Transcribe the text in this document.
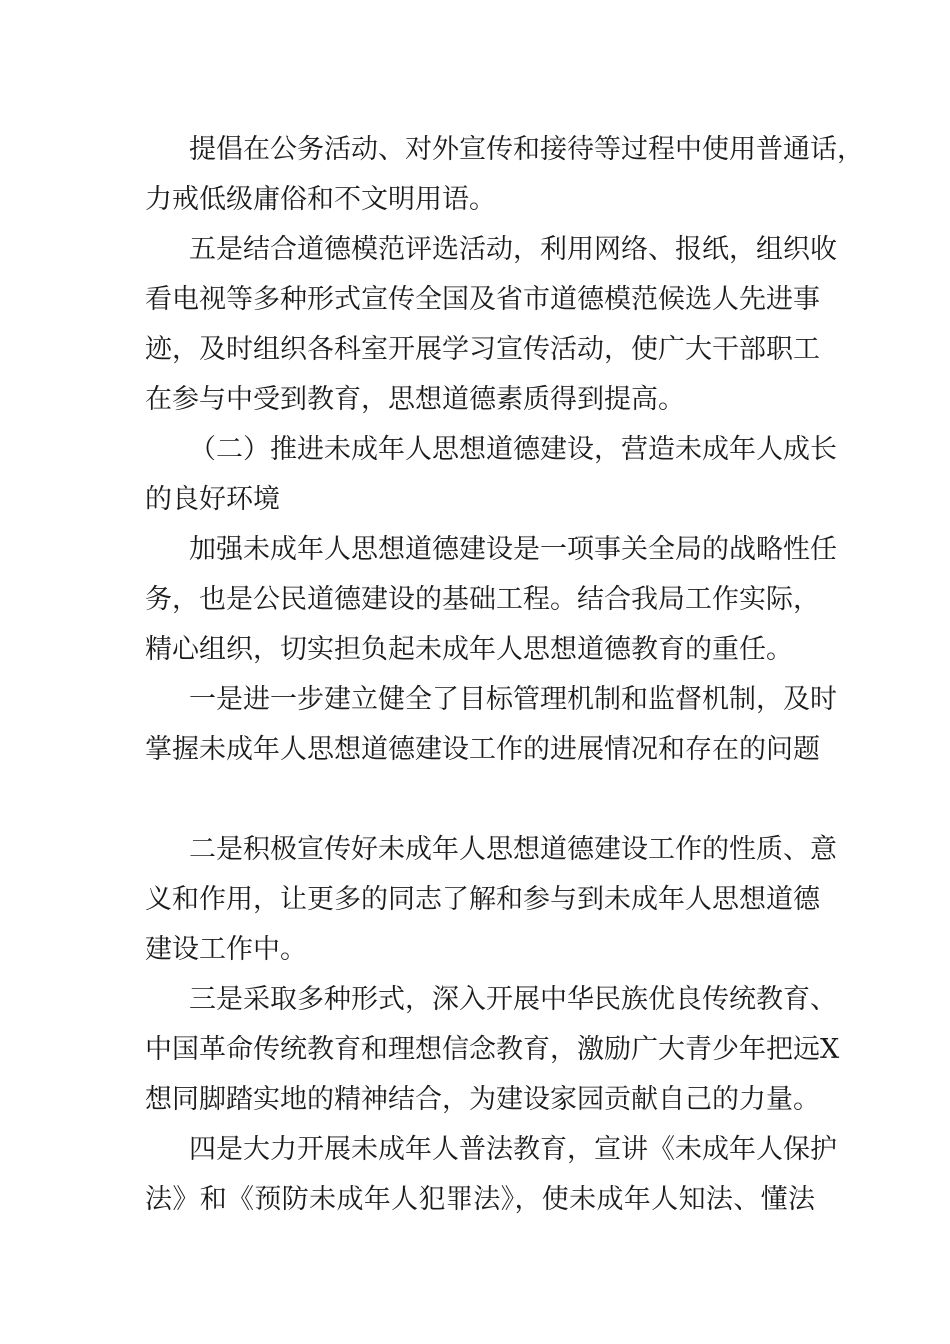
提倡在公务活动、对外宣传和接待等过程中使用普通话，
力戒低级庸俗和不文明用语。
五是结合道德模范评选活动，利用网络、报纸，组织收
看电视等多种形式宣传全国及省市道德模范候选人先进事
迹，及时组织各科室开展学习宣传活动，使广大干部职工
在参与中受到教育，思想道德素质得到提高。
（二）推进未成年人思想道德建设，营造未成年人成长
的良好环境
加强未成年人思想道德建设是一项事关全局的战略性任
务，也是公民道德建设的基础工程。结合我局工作实际，
精心组织，切实担负起未成年人思想道德教育的重任。
一是进一步建立健全了目标管理机制和监督机制，及时
掌握未成年人思想道德建设工作的进展情况和存在的问题
二是积极宣传好未成年人思想道德建设工作的性质、意
义和作用，让更多的同志了解和参与到未成年人思想道德
建设工作中。
三是采取多种形式，深入开展中华民族优良传统教育、
中国革命传统教育和理想信念教育，激励广大青少年把远X
想同脚踏实地的精神结合，为建设家园贡献自己的力量。
四是大力开展未成年人普法教育，宣讲《未成年人保护
法》和《预防未成年人犯罪法》，使未成年人知法、懂法
